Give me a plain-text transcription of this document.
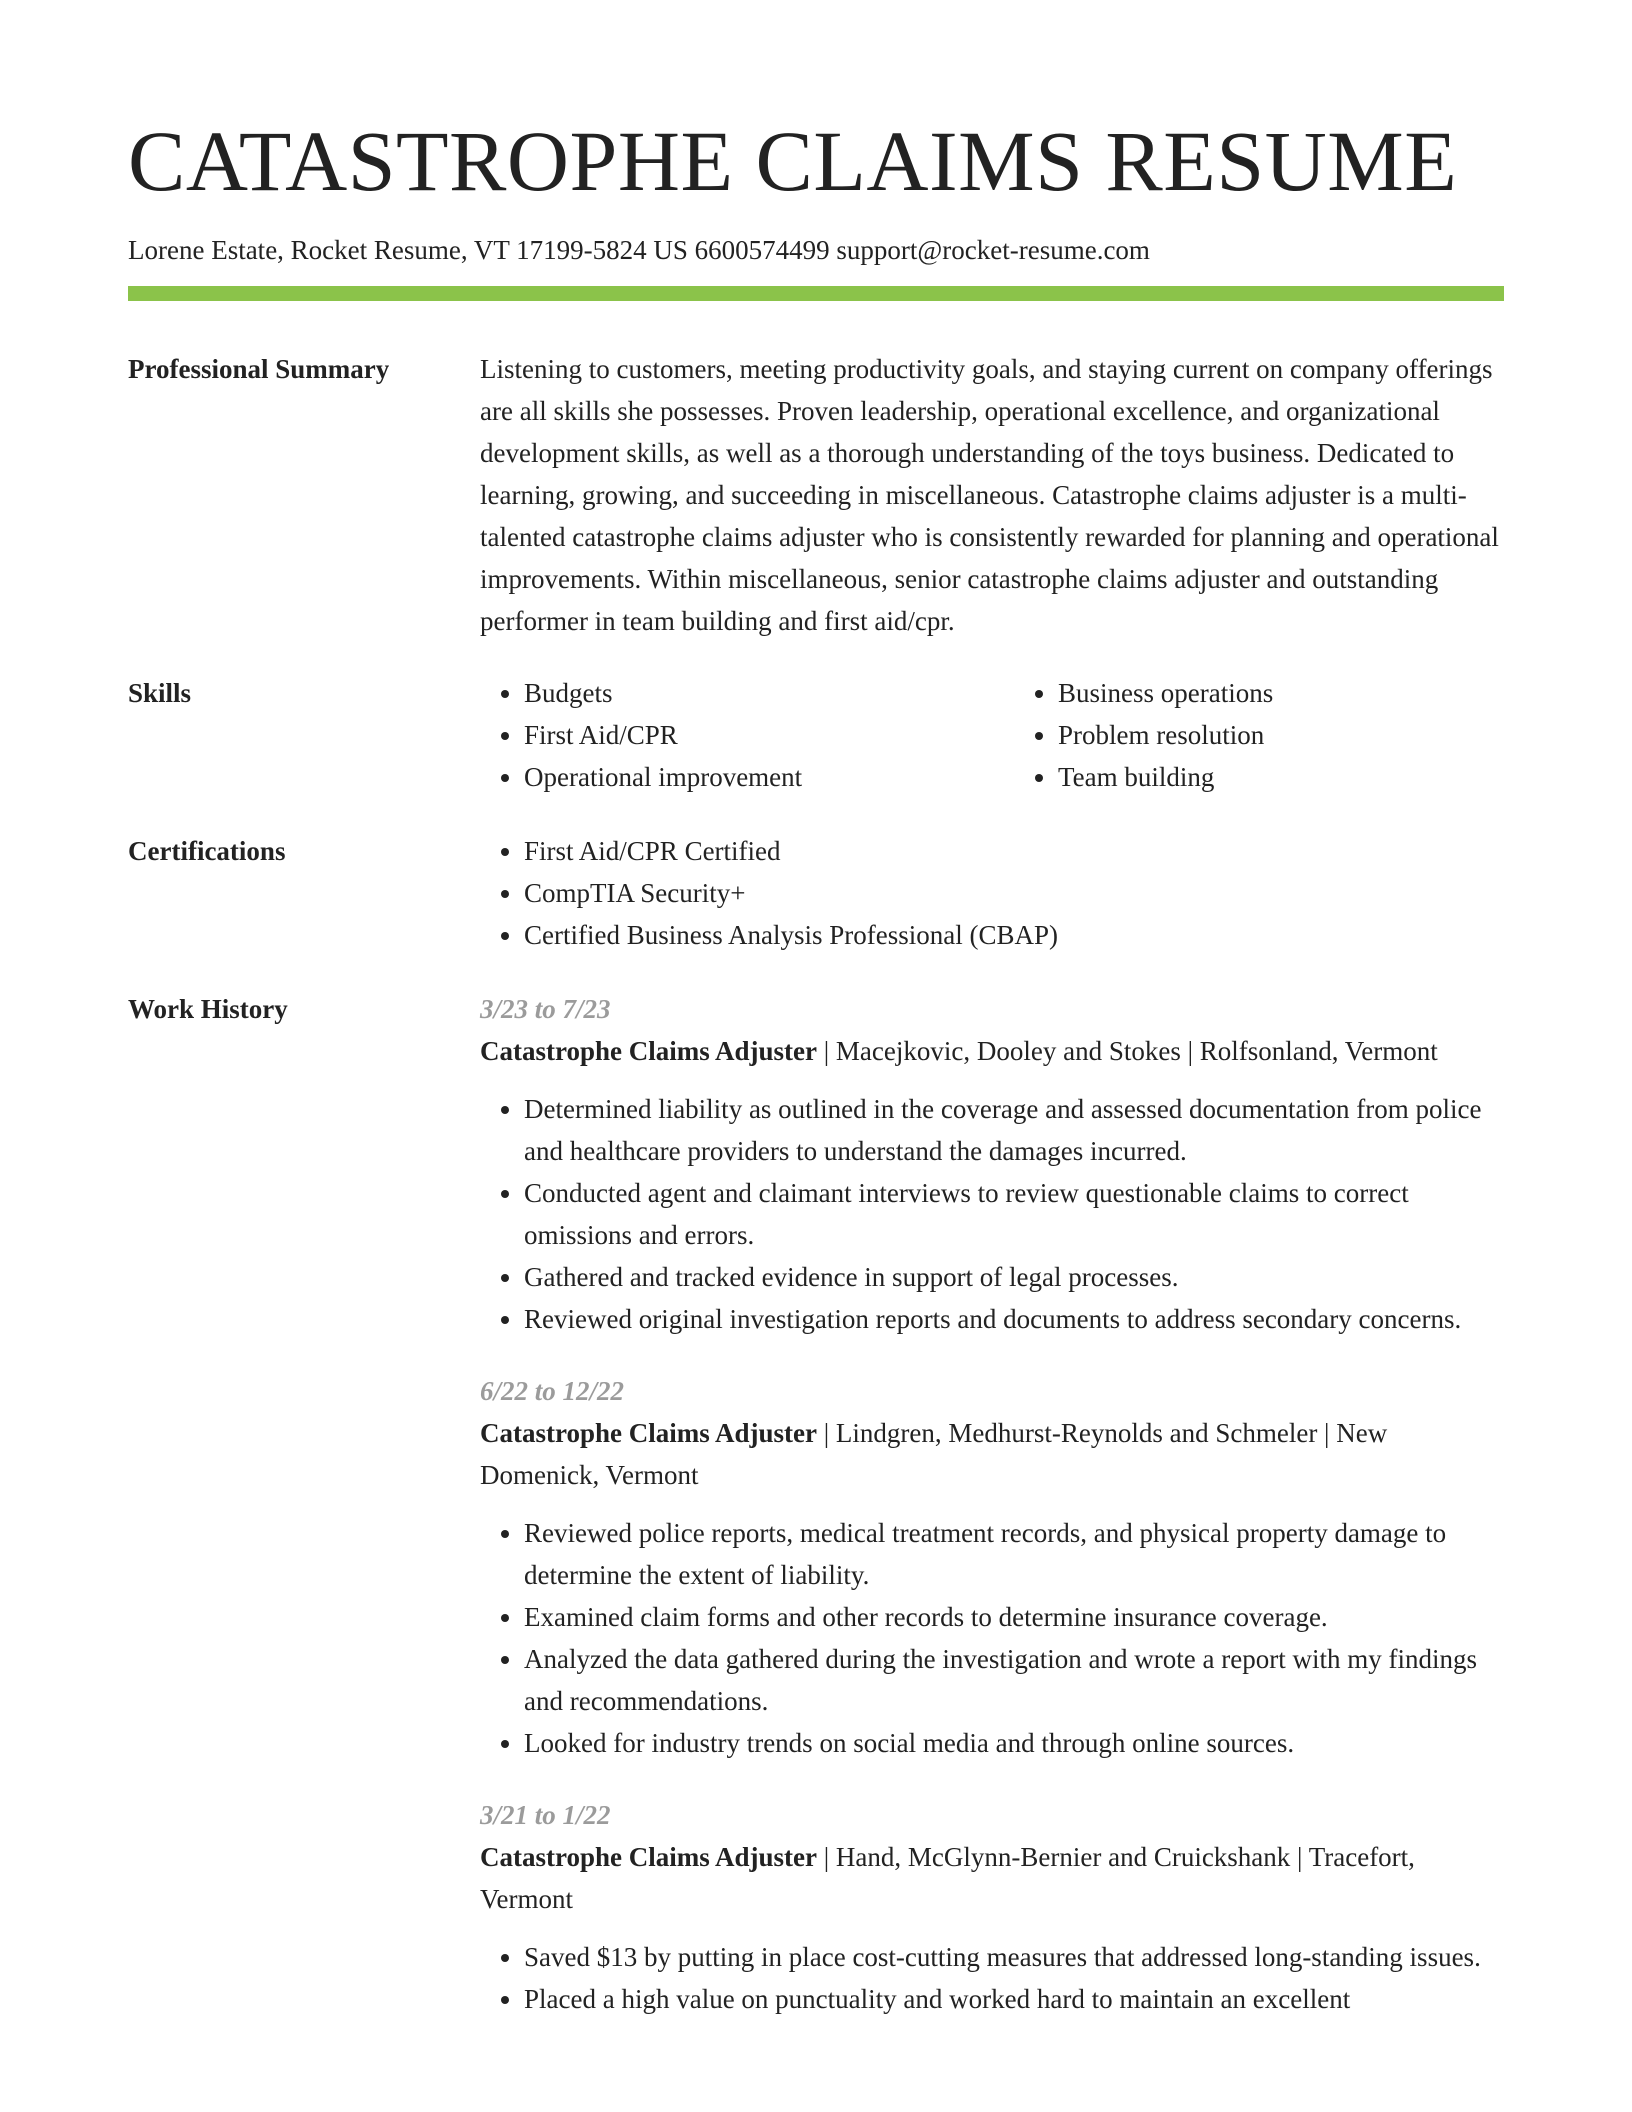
CATASTROPHE CLAIMS RESUME
Lorene Estate, Rocket Resume, VT 17199-5824 US 6600574499 support@rocket-resume.com
Professional Summary	Listening to customers, meeting productivity goals, and staying current on company offerings are all skills she possesses. Proven leadership, operational excellence, and organizational development skills, as well as a thorough understanding of the toys business. Dedicated to learning, growing, and succeeding in miscellaneous. Catastrophe claims adjuster is a multi-talented catastrophe claims adjuster who is consistently rewarded for planning and operational improvements. Within miscellaneous, senior catastrophe claims adjuster and outstanding performer in team building and first aid/cpr.

Skills	• Budgets
• First Aid/CPR
• Operational improvement
• Business operations
• Problem resolution
• Team building
Certifications	• First Aid/CPR Certified
• CompTIA Security+
• Certified Business Analysis Professional (CBAP)
Work History	3/23 to 7/23
Catastrophe Claims Adjuster | Macejkovic, Dooley and Stokes | Rolfsonland, Vermont
• Determined liability as outlined in the coverage and assessed documentation from police and healthcare providers to understand the damages incurred.
• Conducted agent and claimant interviews to review questionable claims to correct omissions and errors.
• Gathered and tracked evidence in support of legal processes.
• Reviewed original investigation reports and documents to address secondary concerns.
6/22 to 12/22
Catastrophe Claims Adjuster | Lindgren, Medhurst-Reynolds and Schmeler | New Domenick, Vermont
• Reviewed police reports, medical treatment records, and physical property damage to determine the extent of liability.
• Examined claim forms and other records to determine insurance coverage.
• Analyzed the data gathered during the investigation and wrote a report with my findings and recommendations.
• Looked for industry trends on social media and through online sources.
3/21 to 1/22
Catastrophe Claims Adjuster | Hand, McGlynn-Bernier and Cruickshank | Tracefort, Vermont
• Saved $13 by putting in place cost-cutting measures that addressed long-standing issues.
• Placed a high value on punctuality and worked hard to maintain an excellent
